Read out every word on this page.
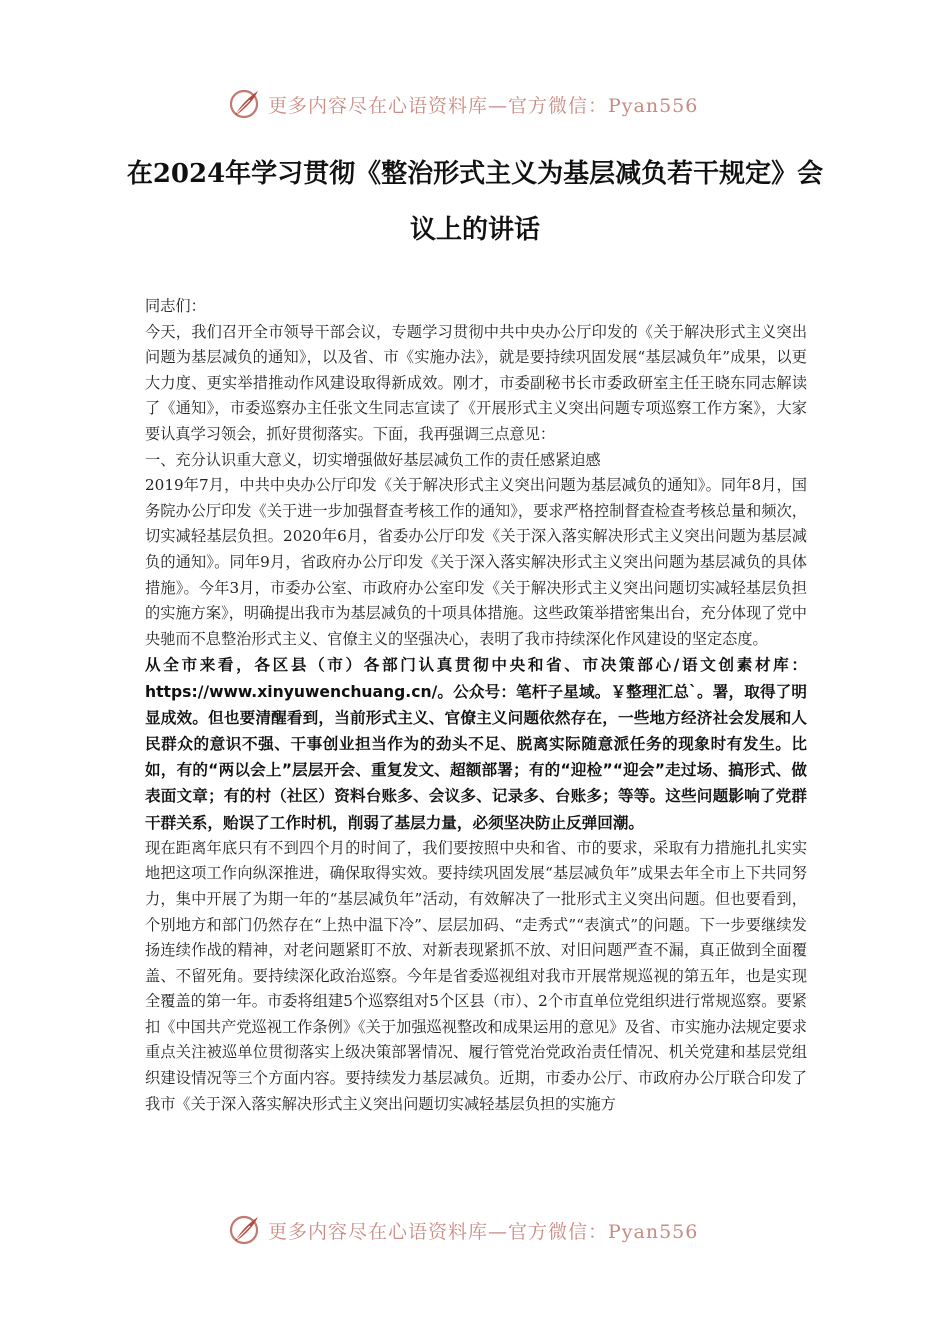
更多内容尽在心语资料库—官方微信：Pyan556
在2024年学习贯彻《整治形式主义为基层减负若干规定》会议上的讲话

同志们：

今天，我们召开全市领导干部会议，专题学习贯彻中共中央办公厅印发的《关于解决形式主义突出问题为基层减负的通知》，以及省、市《实施办法》，就是要持续巩固发展“基层减负年”成果，以更大力度、更实举措推动作风建设取得新成效。刚才，市委副秘书长市委政研室主任王晓东同志解读了《通知》，市委巡察办主任张文生同志宣读了《开展形式主义突出问题专项巡察工作方案》，大家要认真学习领会，抓好贯彻落实。下面，我再强调三点意见：

一、充分认识重大意义，切实增强做好基层减负工作的责任感紧迫感

2019年7月，中共中央办公厅印发《关于解决形式主义突出问题为基层减负的通知》。同年8月，国务院办公厅印发《关于进一步加强督查考核工作的通知》，要求严格控制督查检查考核总量和频次，切实减轻基层负担。2020年6月，省委办公厅印发《关于深入落实解决形式主义突出问题为基层减负的通知》。同年9月，省政府办公厅印发《关于深入落实解决形式主义突出问题为基层减负的具体措施》。今年3月，市委办公室、市政府办公室印发《关于解决形式主义突出问题切实减轻基层负担的实施方案》，明确提出我市为基层减负的十项具体措施。这些政策举措密集出台，充分体现了党中央驰而不息整治形式主义、官僚主义的坚强决心，表明了我市持续深化作风建设的坚定态度。

从全市来看，各区县（市）各部门认真贯彻中央和省、市决策部心/语文创素材库：https://www.xinyuwenchuang.cn/。公众号：笔杆子星域。￥整理汇总`。署，取得了明显成效。但也要清醒看到，当前形式主义、官僚主义问题依然存在，一些地方经济社会发展和人民群众的意识不强、干事创业担当作为的劲头不足、脱离实际随意派任务的现象时有发生。比如，有的“两以会上”层层开会、重复发文、超额部署；有的“迎检”“迎会”走过场、搞形式、做表面文章；有的村（社区）资料台账多、会议多、记录多、台账多；等等。这些问题影响了党群干群关系，贻误了工作时机，削弱了基层力量，必须坚决防止反弹回潮。

现在距离年底只有不到四个月的时间了，我们要按照中央和省、市的要求，采取有力措施扎扎实实地把这项工作向纵深推进，确保取得实效。要持续巩固发展“基层减负年”成果去年全市上下共同努力，集中开展了为期一年的“基层减负年”活动，有效解决了一批形式主义突出问题。但也要看到，个别地方和部门仍然存在“上热中温下冷”、层层加码、“走秀式”“表演式”的问题。下一步要继续发扬连续作战的精神，对老问题紧盯不放、对新表现紧抓不放、对旧问题严查不漏，真正做到全面覆盖、不留死角。要持续深化政治巡察。今年是省委巡视组对我市开展常规巡视的第五年，也是实现全覆盖的第一年。市委将组建5个巡察组对5个区县（市）、2个市直单位党组织进行常规巡察。要紧扣《中国共产党巡视工作条例》《关于加强巡视整改和成果运用的意见》及省、市实施办法规定要求重点关注被巡单位贯彻落实上级决策部署情况、履行管党治党政治责任情况、机关党建和基层党组织建设情况等三个方面内容。要持续发力基层减负。近期，市委办公厅、市政府办公厅联合印发了我市《关于深入落实解决形式主义突出问题切实减轻基层负担的实施方

更多内容尽在心语资料库—官方微信：Pyan556
